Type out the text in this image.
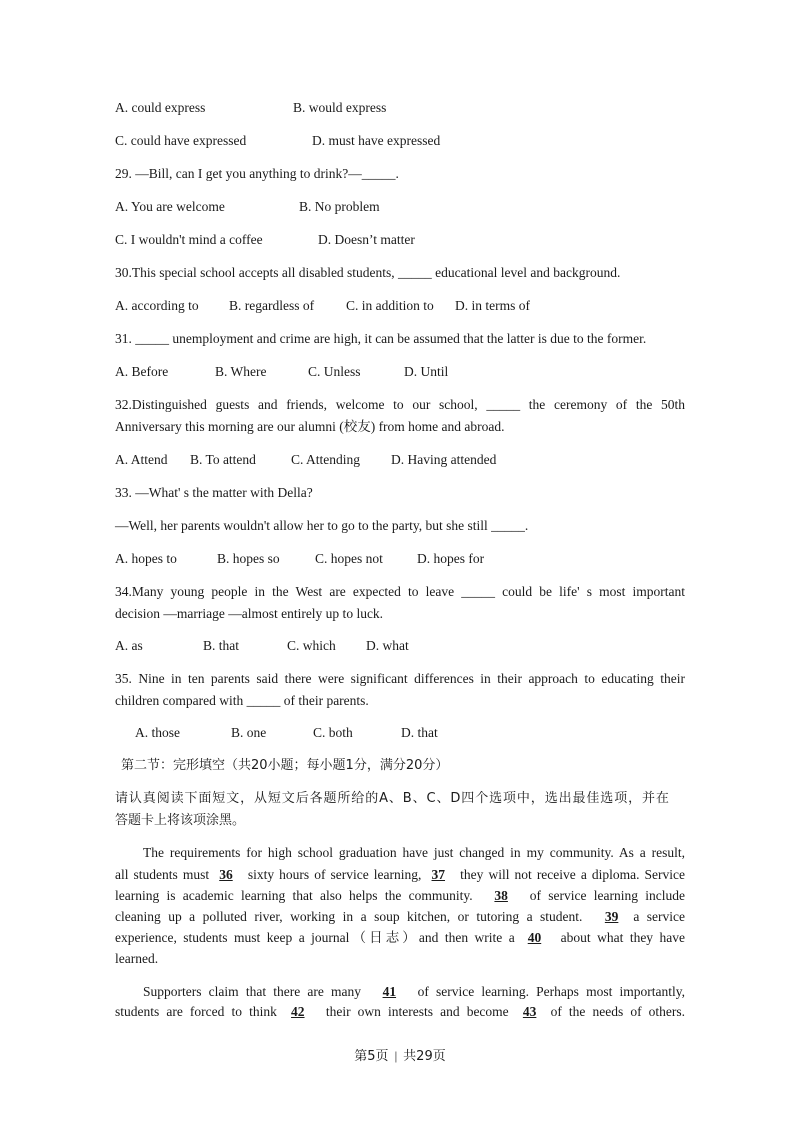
A. could express	B. would express
C. could have expressed	D. must have expressed
29. —Bill, can I get you anything to drink?—_____.
A. You are welcome	B. No problem
C. I wouldn't mind a coffee	D. Doesn’t matter
30.This special school accepts all disabled students, _____ educational level and background.
A. according to B. regardless of C. in addition to D. in terms of
31. _____ unemployment and crime are high, it can be assumed that the latter is due to the former.
A. Before	B. Where	C. Unless	D. Until
32.Distinguished guests and friends, welcome to our school, _____ the ceremony of the 50th
Anniversary this morning are our alumni (校友) from home and abroad.
A. Attend B. To attend	C. Attending D. Having attended
33. —What' s the matter with Della?
—Well, her parents wouldn't allow her to go to the party, but she still _____.
A. hopes to	B. hopes so	C. hopes not	D. hopes for
34.Many young people in the West are expected to leave _____ could be life' s most important
decision —marriage —almost entirely up to luck.
A. as	B. that	C. which D. what
35. Nine in ten parents said there were significant differences in their approach to educating their
children compared with _____ of their parents.
A. those	B. one	C. both	D. that
第二节：完形填空（共20小题；每小题1分，满分20分）
请认真阅读下面短文，从短文后各题所给的A、B、C、D四个选项中，选出最佳选项，并在
答题卡上将该项涂黑。
The requirements for high school graduation have just changed in my community. As a result,
all students must 36 sixty hours of service learning, 37 they will not receive a diploma. Service
learning is academic learning that also helps the community. 38 of service learning include
cleaning up a polluted river, working in a soup kitchen, or tutoring a student. 39 a service
experience, students must keep a journal（日志）and then write a 40 about what they have
learned.
Supporters claim that there are many 41 of service learning. Perhaps most importantly,
students are forced to think 42 their own interests and become 43 of the needs of others.
第5页 | 共29页
